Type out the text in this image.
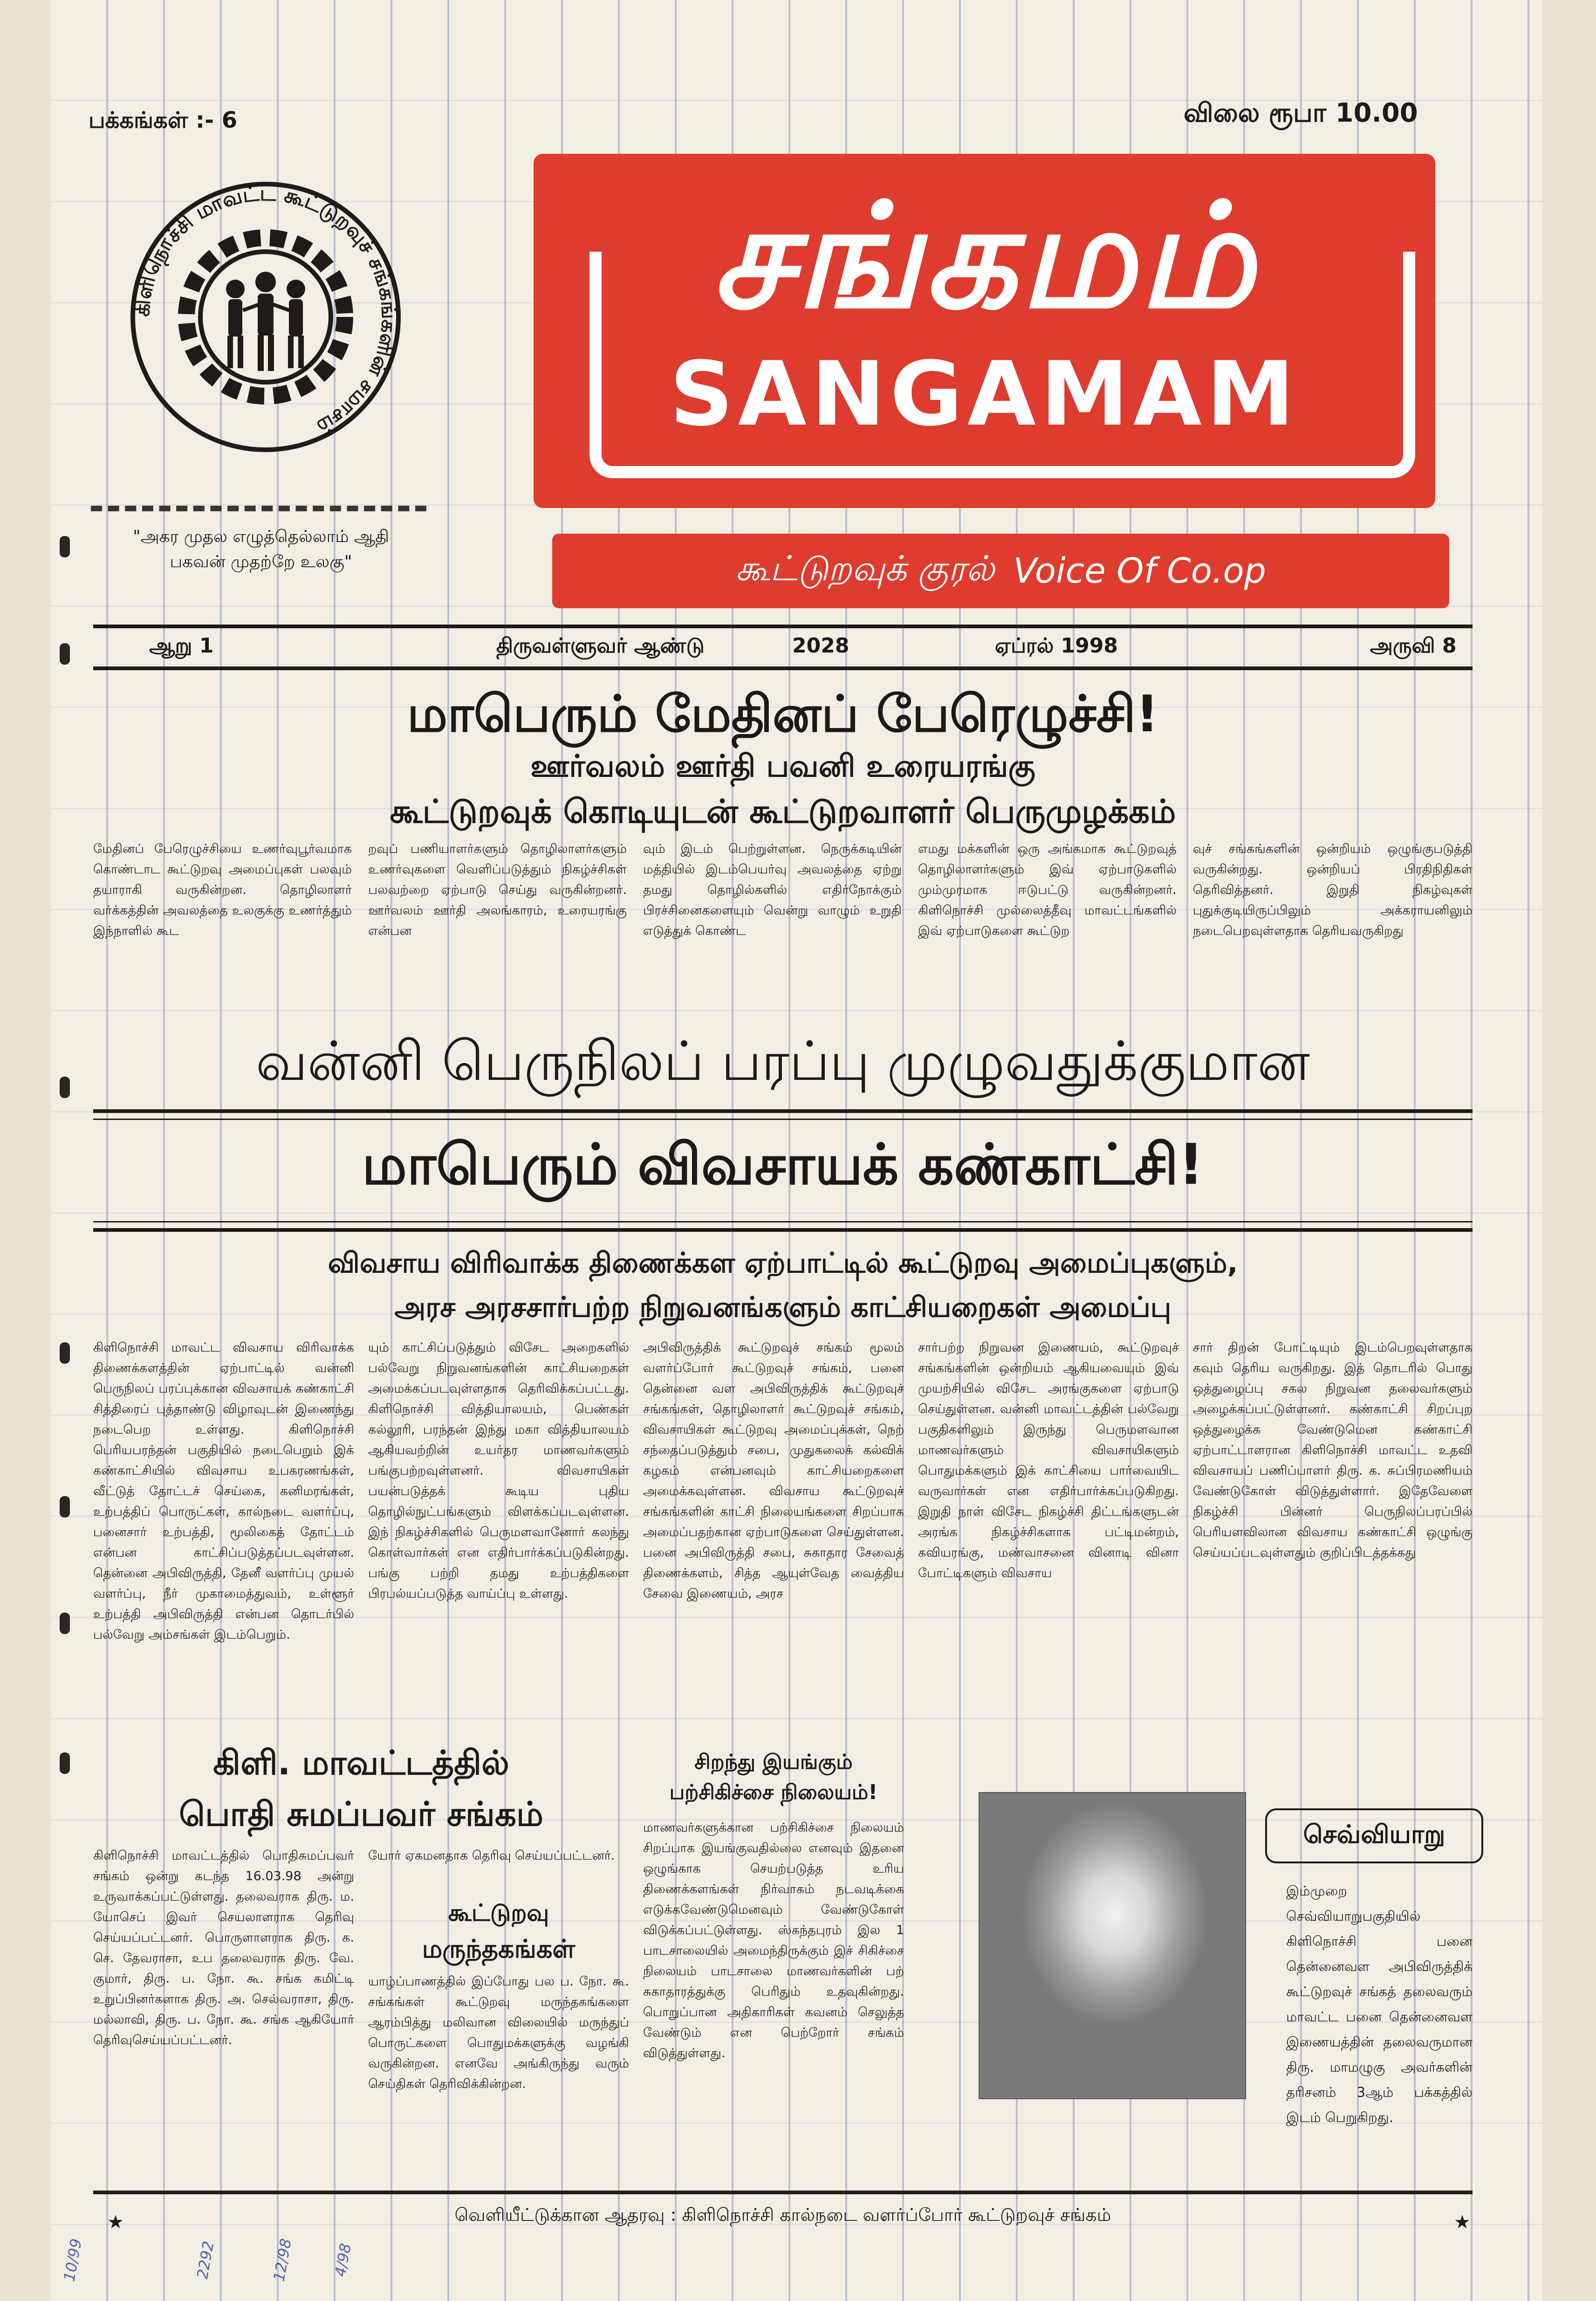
பக்கங்கள் :- 6	விலை ரூபா 10.00
கிளிநொச்சி மாவட்ட கூட்டுறவுச் சங்கங்களின் சமாசம்
"அகர முதல எழுத்தெல்லாம் ஆதி பகவன் முதற்றே உலகு"
சங்கமம்
SANGAMAM
கூட்டுறவுக் குரல் Voice Of Co.op
ஆறு 1	திருவள்ளுவர் ஆண்டு	2028	ஏப்ரல் 1998	அருவி 8
மாபெரும் மேதினப் பேரெழுச்சி!
ஊர்வலம் ஊர்தி பவனி உரையரங்கு
கூட்டுறவுக் கொடியுடன் கூட்டுறவாளர் பெருமுழக்கம்
மேதினப் பேரெழுச்சியை உணர்வுபூர்வமாக கொண்டாட கூட்டுறவு அமைப்புகள் பலவும் தயாராகி வருகின்றன. தொழிலாளர் வர்க்கத்தின் அவலத்தை உலகுக்கு உணர்த்தும் இந்நாளில் கூட
றவுப் பணியாளர்களும் தொழிலாளர்களும் உணர்வுகளை வெளிப்படுத்தும் நிகழ்ச்சிகள் பலவற்றை ஏற்பாடு செய்து வருகின்றனர். ஊர்வலம் ஊர்தி அலங்காரம், உரையரங்கு என்பன
வும் இடம் பெற்றுள்ளன. நெருக்கடியின் மத்தியில் இடம்பெயர்வு அவலத்தை ஏற்று தமது தொழில்களில் எதிர்நோக்கும் பிரச்சினைகளையும் வென்று வாழும் உறுதி எடுத்துக் கொண்ட
எமது மக்களின் ஒரு அங்கமாக கூட்டுறவுத் தொழிலாளர்களும் இவ் ஏற்பாடுகளில் மும்முரமாக ஈடுபட்டு வருகின்றனர். கிளிநொச்சி முல்லைத்தீவு மாவட்டங்களில் இவ் ஏற்பாடுகளை கூட்டுற
வுச் சங்கங்களின் ஒன்றியம் ஒழுங்குபடுத்தி வருகின்றது. ஒன்றியப் பிரதிநிதிகள் தெரிவித்தனர். இறுதி நிகழ்வுகள் புதுக்குடியிருப்பிலும் அக்கராயனிலும் நடைபெறவுள்ளதாக தெரியவருகிறது
வன்னி பெருநிலப் பரப்பு முழுவதுக்குமான
மாபெரும் விவசாயக் கண்காட்சி!
விவசாய விரிவாக்க திணைக்கள ஏற்பாட்டில் கூட்டுறவு அமைப்புகளும்,
அரச அரசசார்பற்ற நிறுவனங்களும் காட்சியறைகள் அமைப்பு
கிளிநொச்சி மாவட்ட விவசாய விரிவாக்க திணைக்களத்தின் ஏற்பாட்டில் வன்னி பெருநிலப் பரப்புக்கான விவசாயக் கண்காட்சி சித்திரைப் புத்தாண்டு விழாவுடன் இணைந்து நடைபெற உள்ளது. கிளிநொச்சி பெரியபரந்தன் பகுதியில் நடைபெறும் இக் கண்காட்சியில் விவசாய உபகரணங்கள், வீட்டுத் தோட்டச் செய்கை, கனிமரங்கள், உற்பத்திப் பொருட்கள், கால்நடை வளர்ப்பு, பனைசார் உற்பத்தி, மூலிகைத் தோட்டம் என்பன காட்சிப்படுத்தப்படவுள்ளன. தென்னை அபிவிருத்தி, தேனீ வளர்ப்பு முயல் வளர்ப்பு, நீர் முகாமைத்துவம், உள்ளூர் உற்பத்தி அபிவிருத்தி என்பன தொடர்பில் பல்வேறு அம்சங்கள் இடம்பெறும்.
யும் காட்சிப்படுத்தும் விசேட அறைகளில் பல்வேறு நிறுவனங்களின் காட்சியறைகள் அமைக்கப்படவுள்ளதாக தெரிவிக்கப்பட்டது. கிளிநொச்சி வித்தியாலயம், பெண்கள் கல்லூரி, பரந்தன் இந்து மகா வித்தியாலயம் ஆகியவற்றின் உயர்தர மாணவர்களும் பங்குபற்றவுள்ளனர். விவசாயிகள் பயன்படுத்தக் கூடிய புதிய தொழில்நுட்பங்களும் விளக்கப்படவுள்ளன. இந் நிகழ்ச்சிகளில் பெருமளவானோர் கலந்து கொள்வார்கள் என எதிர்பார்க்கப்படுகின்றது. பங்கு பற்றி தமது உற்பத்திகளை பிரபல்யப்படுத்த வாய்ப்பு உள்ளது.
அபிவிருத்திக் கூட்டுறவுச் சங்கம் மூலம் வளர்ப்போர் கூட்டுறவுச் சங்கம், பனை தென்னை வள அபிவிருத்திக் கூட்டுறவுச் சங்கங்கள், தொழிலாளர் கூட்டுறவுச் சங்கம், விவசாயிகள் கூட்டுறவு அமைப்புக்கள், நெற் சந்தைப்படுத்தும் சபை, முதுகலைக் கல்விக் கழகம் என்பனவும் காட்சியறைகளை அமைக்கவுள்ளன. விவசாய கூட்டுறவுச் சங்கங்களின் காட்சி நிலையங்களை சிறப்பாக அமைப்பதற்கான ஏற்பாடுகளை செய்துள்ளன. பனை அபிவிருத்தி சபை, சுகாதார சேவைத் திணைக்களம், சித்த ஆயுள்வேத வைத்திய சேவை இணையம், அரச
சார்பற்ற நிறுவன இணையம், கூட்டுறவுச் சங்கங்களின் ஒன்றியம் ஆகியவையும் இவ் முயற்சியில் விசேட அரங்குகளை ஏற்பாடு செய்துள்ளன. வன்னி மாவட்டத்தின் பல்வேறு பகுதிகளிலும் இருந்து பெருமளவான மாணவர்களும் விவசாயிகளும் பொதுமக்களும் இக் காட்சியை பார்வையிட வருவார்கள் என எதிர்பார்க்கப்படுகிறது. இறுதி நாள் விசேட நிகழ்ச்சி திட்டங்களுடன் அரங்க நிகழ்ச்சிகளாக பட்டிமன்றம், கவியரங்கு, மண்வாசனை வினாடி வினா போட்டிகளும் விவசாய
சார் திறன் போட்டியும் இடம்பெறவுள்ளதாக கவும் தெரிய வருகிறது. இத் தொடரில் பொது ஒத்துழைப்பு சகல நிறுவன தலைவர்களும் அழைக்கப்பட்டுள்ளனர். கண்காட்சி சிறப்புற ஒத்துழைக்க வேண்டுமென கண்காட்சி ஏற்பாட்டாளரான கிளிநொச்சி மாவட்ட உதவி விவசாயப் பணிப்பாளர் திரு. க. சுப்பிரமணியம் வேண்டுகோள் விடுத்துள்ளார். இதேவேளை நிகழ்ச்சி பின்னர் பெருநிலப்பரப்பில் பெரியளவிலான விவசாய கண்காட்சி ஒழுங்கு செய்யப்படவுள்ளதும் குறிப்பிடத்தக்கது
கிளி. மாவட்டத்தில்
பொதி சுமப்பவர் சங்கம்
கிளிநொச்சி மாவட்டத்தில் பொதிசுமப்பவர் சங்கம் ஒன்று கடந்த 16.03.98 அன்று உருவாக்கப்பட்டுள்ளது. தலைவராக திரு. ம. யோசெப் இவர் செயலாளராக தெரிவு செய்யப்பட்டனர். பொருளாளராக திரு. க. செ. தேவராசா, உப தலைவராக திரு. வே. குமார், திரு. ப. நோ. கூ. சங்க கமிட்டி உறுப்பினர்களாக திரு. அ. செல்வராசா, திரு. மல்லாவி, திரு. ப. நோ. கூ. சங்க ஆகியோர் தெரிவுசெய்யப்பட்டனர்.
யோர் ஏகமனதாக தெரிவு செய்யப்பட்டனர்.
கூட்டுறவு
மருந்தகங்கள்
யாழ்ப்பாணத்தில் இப்போது பல ப. நோ. கூ. சங்கங்கள் கூட்டுறவு மருந்தகங்களை ஆரம்பித்து மலிவான விலையில் மருந்துப் பொருட்களை பொதுமக்களுக்கு வழங்கி வருகின்றன. எனவே அங்கிருந்து வரும் செய்திகள் தெரிவிக்கின்றன.
சிறந்து இயங்கும்
பற்சிகிச்சை நிலையம்!
மாணவர்களுக்கான பற்சிகிச்சை நிலையம் சிறப்பாக இயங்குவதில்லை எனவும் இதனை ஒழுங்காக செயற்படுத்த உரிய திணைக்களங்கள் நிர்வாகம் நடவடிக்கை எடுக்கவேண்டுமெனவும் வேண்டுகோள் விடுக்கப்பட்டுள்ளது. ஸ்கந்தபுரம் இல 1 பாடசாலையில் அமைந்திருக்கும் இச் சிகிச்சை நிலையம் பாடசாலை மாணவர்களின் பற் சுகாதாரத்துக்கு பெரிதும் உதவுகின்றது. பொறுப்பான அதிகாரிகள் கவனம் செலுத்த வேண்டும் என பெற்றோர் சங்கம் விடுத்துள்ளது.
செவ்வியாறு
இம்முறை செவ்வியாறுபகுதியில் கிளிநொச்சி பனை தென்னைவள அபிவிருத்திக் கூட்டுறவுச் சங்கத் தலைவரும் மாவட்ட பனை தென்னைவள இணையத்தின் தலைவருமான திரு. மாமழுகு அவர்களின் தரிசனம் 3ஆம் பக்கத்தில் இடம் பெறுகிறது.
வெளியீட்டுக்கான ஆதரவு : கிளிநொச்சி கால்நடை வளர்ப்போர் கூட்டுறவுச் சங்கம்
★	★
10/99	2292	12/98 4/98
